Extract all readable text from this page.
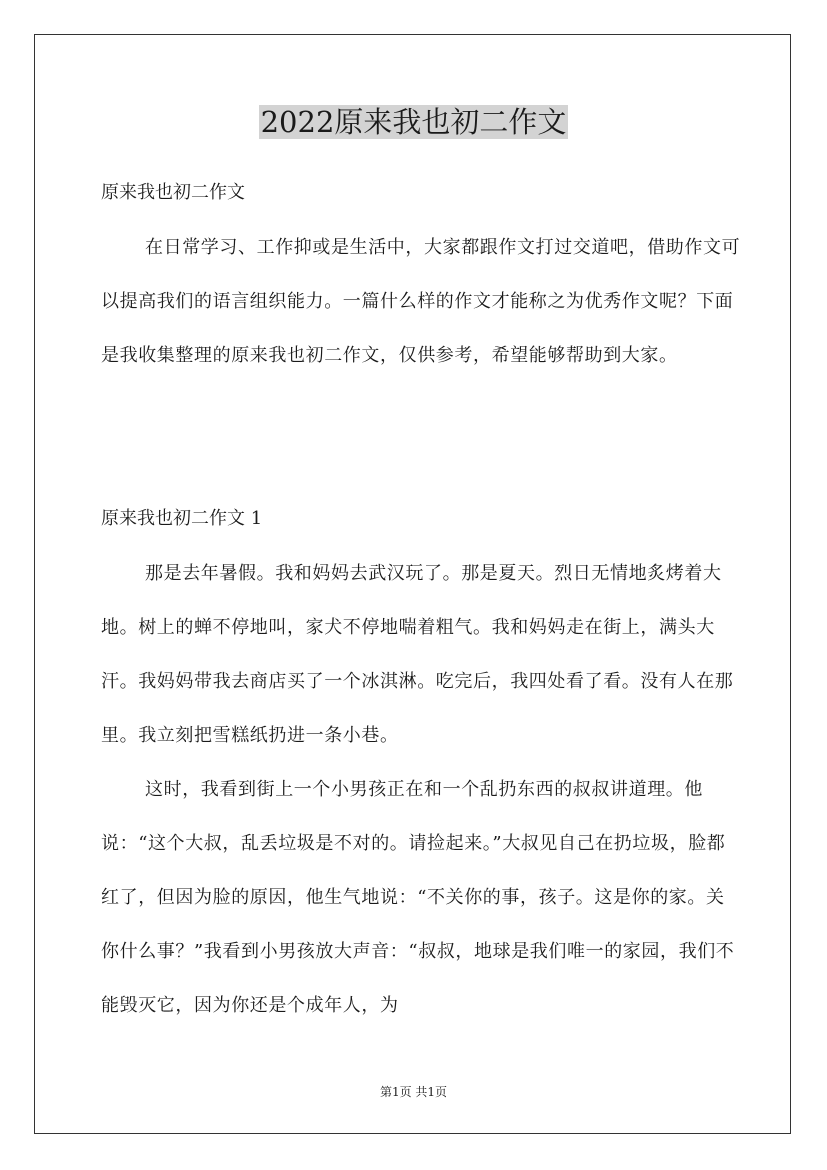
2022原来我也初二作文
原来我也初二作文

在日常学习、工作抑或是生活中，大家都跟作文打过交道吧，借助作文可以提高我们的语言组织能力。一篇什么样的作文才能称之为优秀作文呢？下面是我收集整理的原来我也初二作文，仅供参考，希望能够帮助到大家。

原来我也初二作文 1

那是去年暑假。我和妈妈去武汉玩了。那是夏天。烈日无情地炙烤着大地。树上的蝉不停地叫，家犬不停地喘着粗气。我和妈妈走在街上，满头大汗。我妈妈带我去商店买了一个冰淇淋。吃完后，我四处看了看。没有人在那里。我立刻把雪糕纸扔进一条小巷。

这时，我看到街上一个小男孩正在和一个乱扔东西的叔叔讲道理。他说：“这个大叔，乱丢垃圾是不对的。请捡起来。”大叔见自己在扔垃圾，脸都红了，但因为脸的原因，他生气地说：“不关你的事，孩子。这是你的家。关你什么事？”我看到小男孩放大声音：“叔叔，地球是我们唯一的家园，我们不能毁灭它，因为你还是个成年人，为

第1页 共1页
